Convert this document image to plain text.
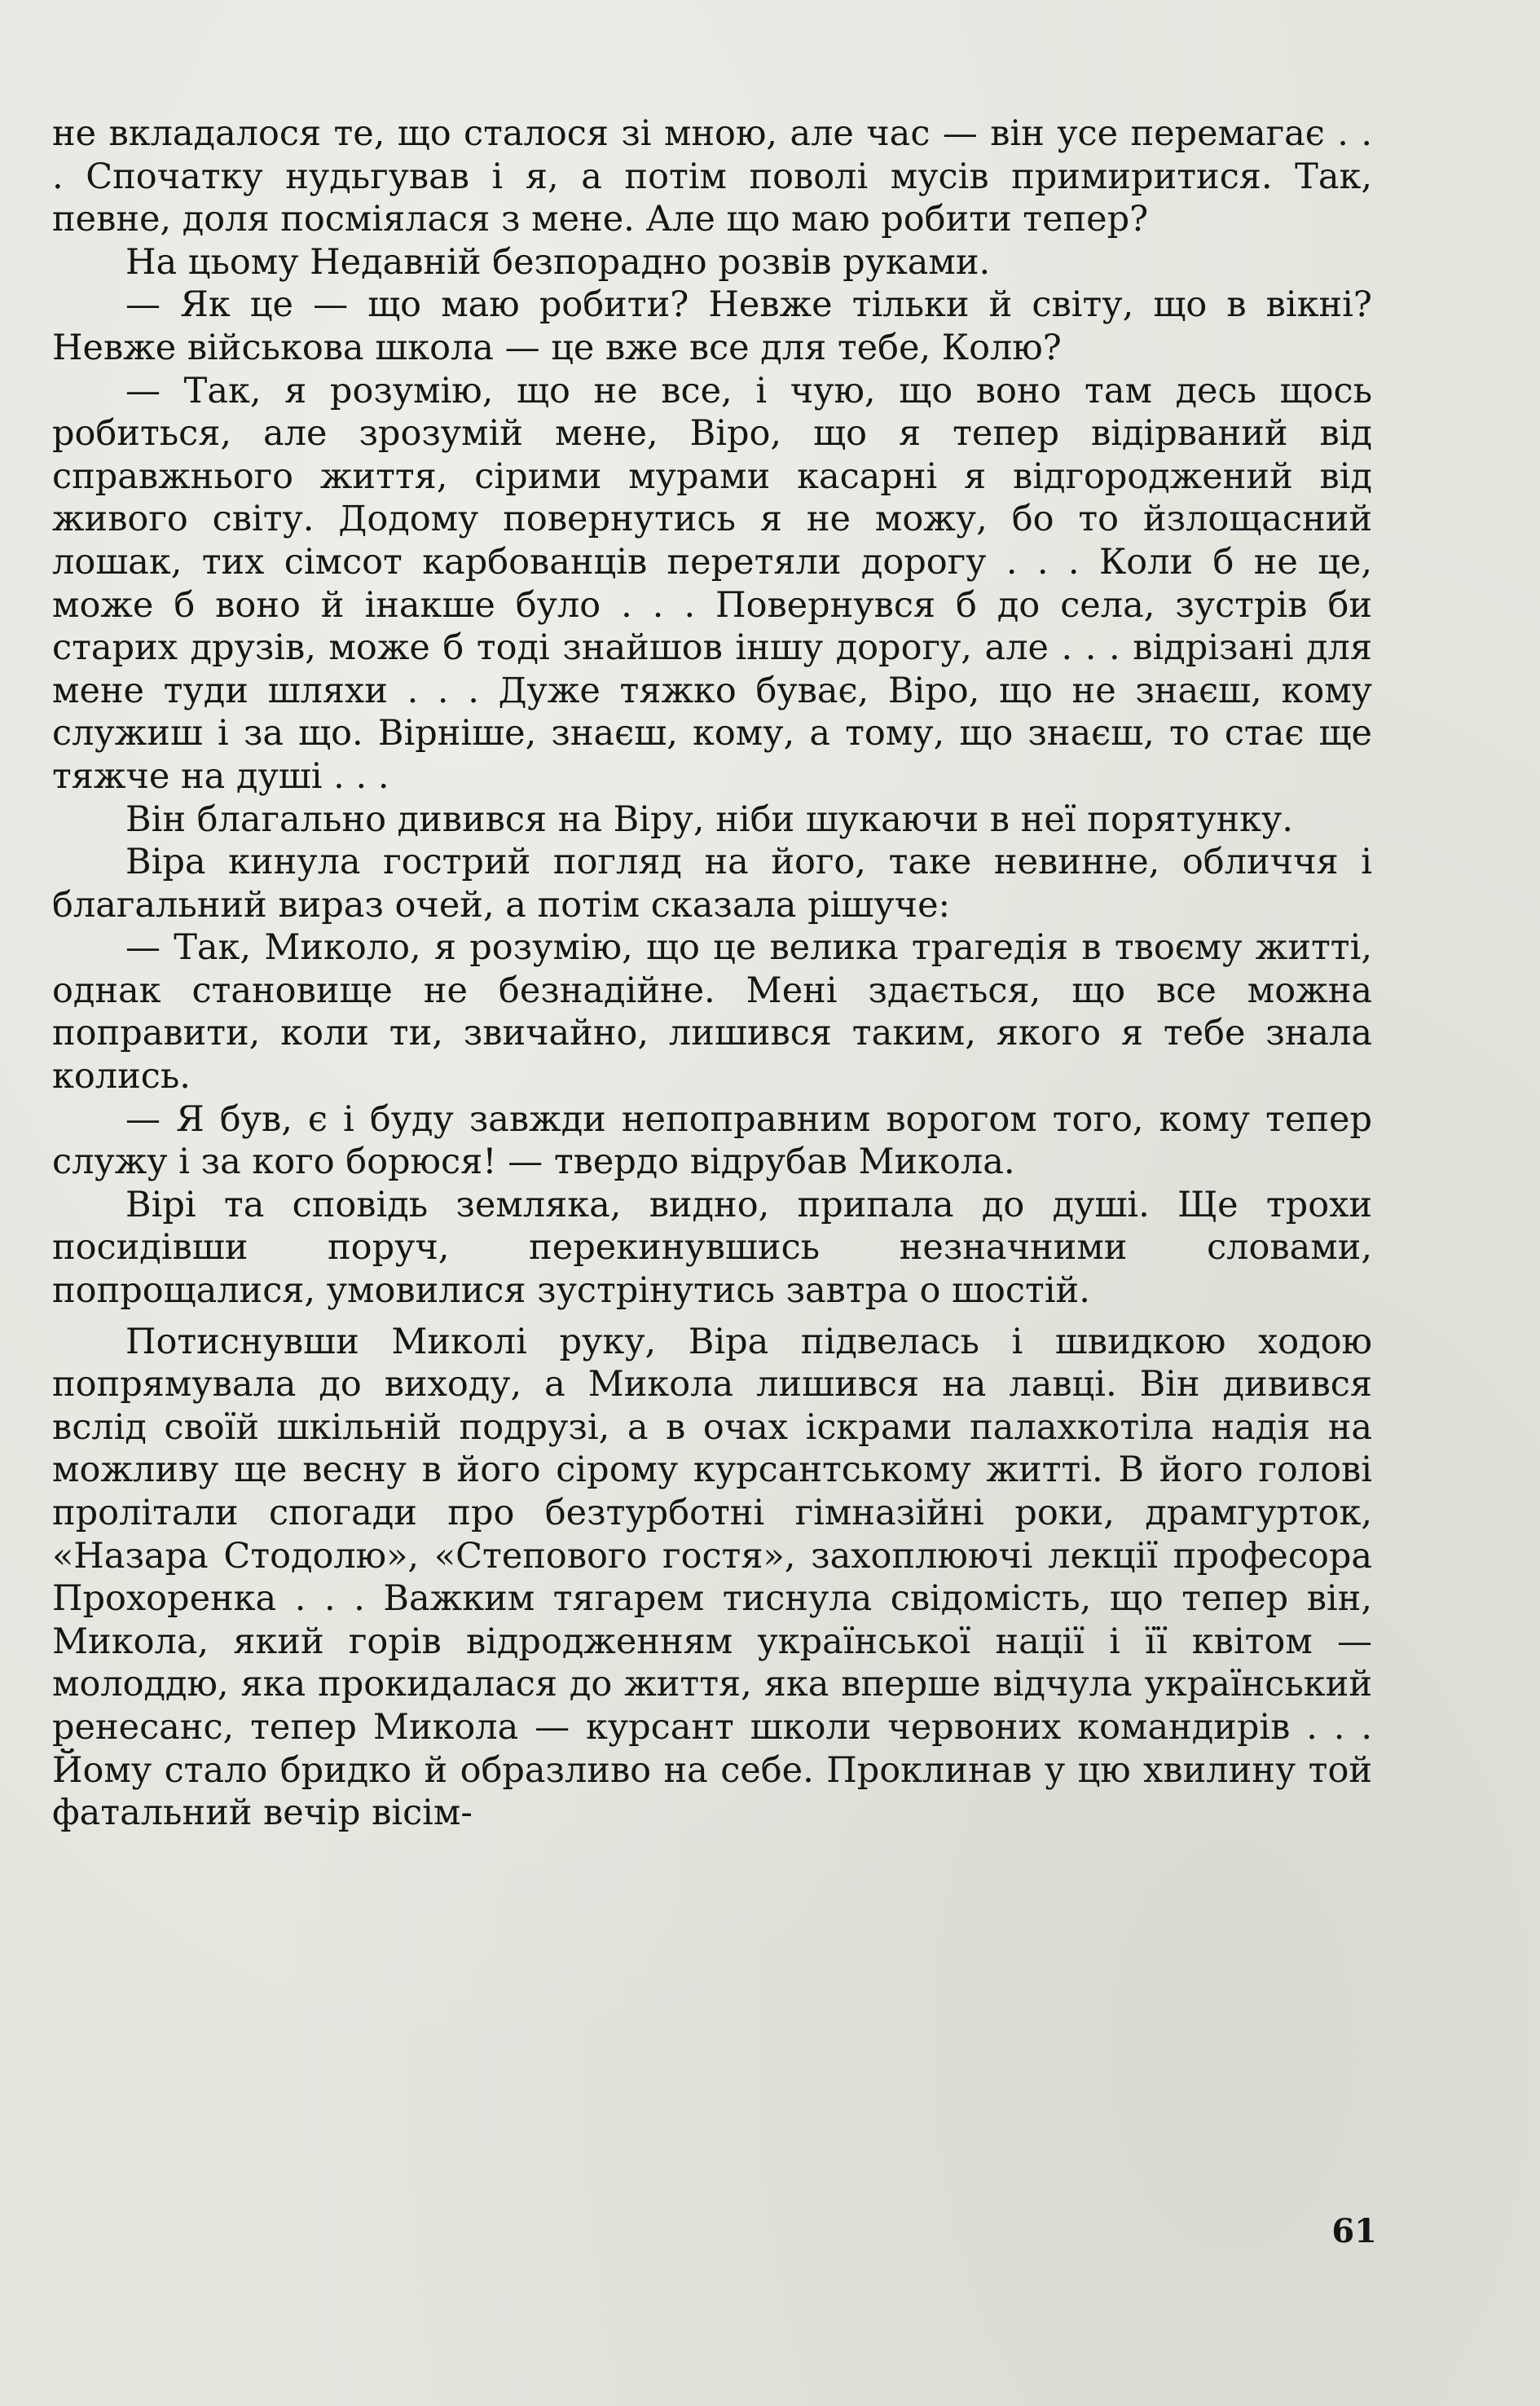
не вкладалося те, що сталося зі мною, але час — він усе перемагає . . . Спочатку нудьгував і я, а потім поволі мусів примиритися. Так, певне, доля посміялася з мене. Але що маю робити тепер?

На цьому Недавній безпорадно розвів руками.

— Як це — що маю робити? Невже тільки й світу, що в вікні? Невже військова школа — це вже все для тебе, Колю?

— Так, я розумію, що не все, і чую, що воно там десь щось робиться, але зрозумій мене, Віро, що я тепер відірваний від справжнього життя, сірими мурами касарні я відгороджений від живого світу. Додому повернутись я не можу, бо то йзлощасний лошак, тих сімсот карбованців перетяли дорогу . . . Коли б не це, може б воно й інакше було . . . Повернувся б до села, зустрів би старих друзів, може б тоді знайшов іншу дорогу, але . . . відрізані для мене туди шляхи . . . Дуже тяжко буває, Віро, що не знаєш, кому служиш і за що. Вірніше, знаєш, кому, а тому, що знаєш, то стає ще тяжче на душі . . .

Він благально дивився на Віру, ніби шукаючи в неї порятунку.

Віра кинула гострий погляд на його, таке невинне, обличчя і благальний вираз очей, а потім сказала рішуче:

— Так, Миколо, я розумію, що це велика трагедія в твоєму житті, однак становище не безнадійне. Мені здається, що все можна поправити, коли ти, звичайно, лишився таким, якого я тебе знала колись.

— Я був, є і буду завжди непоправним ворогом того, кому тепер служу і за кого борюся! — твердо відрубав Микола.

Вірі та сповідь земляка, видно, припала до душі. Ще трохи посидівши поруч, перекинувшись незначними словами, попрощалися, умовилися зустрінутись завтра о шостій.

Потиснувши Миколі руку, Віра підвелась і швидкою ходою попрямувала до виходу, а Микола лишився на лавці. Він дивився вслід своїй шкільній подрузі, а в очах іскрами палахкотіла надія на можливу ще весну в його сірому курсантському житті. В його голові пролітали спогади про безтурботні гімназійні роки, драмгурток, «Назара Стодолю», «Степового гостя», захоплюючі лекції професора Прохоренка . . . Важким тягарем тиснула свідомість, що тепер він, Микола, який горів відродженням української нації і її квітом — молоддю, яка прокидалася до життя, яка вперше відчула український ренесанс, тепер Микола — курсант школи червоних командирів . . . Йому стало бридко й образливо на себе. Проклинав у цю хвилину той фатальний вечір вісім-

61
